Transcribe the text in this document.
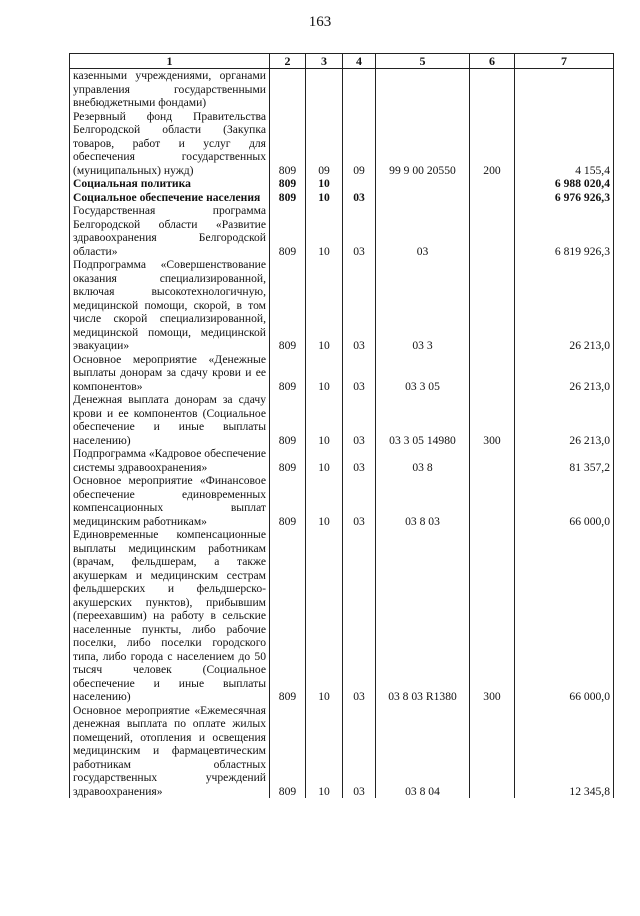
163
1	2	3	4	5	6	7
казенными учреждениями, органами управления государственными внебюджетными фондами)						
Резервный фонд Правительства Белгородской области (Закупка товаров, работ и услуг для обеспечения государственных (муниципальных) нужд)	809	09	09	99 9 00 20550	200	4 155,4
Социальная политика	809	10				6 988 020,4
Социальное обеспечение населения	809	10	03			6 976 926,3
Государственная программа Белгородской области «Развитие здравоохранения Белгородской области»	809	10	03	03		6 819 926,3
Подпрограмма «Совершенствование оказания специализированной, включая высокотехнологичную, медицинской помощи, скорой, в том числе скорой специализированной, медицинской помощи, медицинской эвакуации»	809	10	03	03 3		26 213,0
Основное мероприятие «Денежные выплаты донорам за сдачу крови и ее компонентов»	809	10	03	03 3 05		26 213,0
Денежная выплата донорам за сдачу крови и ее компонентов (Социальное обеспечение и иные выплаты населению)	809	10	03	03 3 05 14980	300	26 213,0
Подпрограмма «Кадровое обеспечение системы здравоохранения»	809	10	03	03 8		81 357,2
Основное мероприятие «Финансовое обеспечение единовременных компенсационных выплат медицинским работникам»	809	10	03	03 8 03		66 000,0
Единовременные компенсационные выплаты медицинским работникам (врачам, фельдшерам, а также акушеркам и медицинским сестрам фельдшерских и фельдшерско-акушерских пунктов), прибывшим (переехавшим) на работу в сельские населенные пункты, либо рабочие поселки, либо поселки городского типа, либо города с населением до 50 тысяч человек (Социальное обеспечение и иные выплаты населению)	809	10	03	03 8 03 R1380	300	66 000,0
Основное мероприятие «Ежемесячная денежная выплата по оплате жилых помещений, отопления и освещения медицинским и фармацевтическим работникам областных государственных учреждений здравоохранения»	809	10	03	03 8 04		12 345,8
